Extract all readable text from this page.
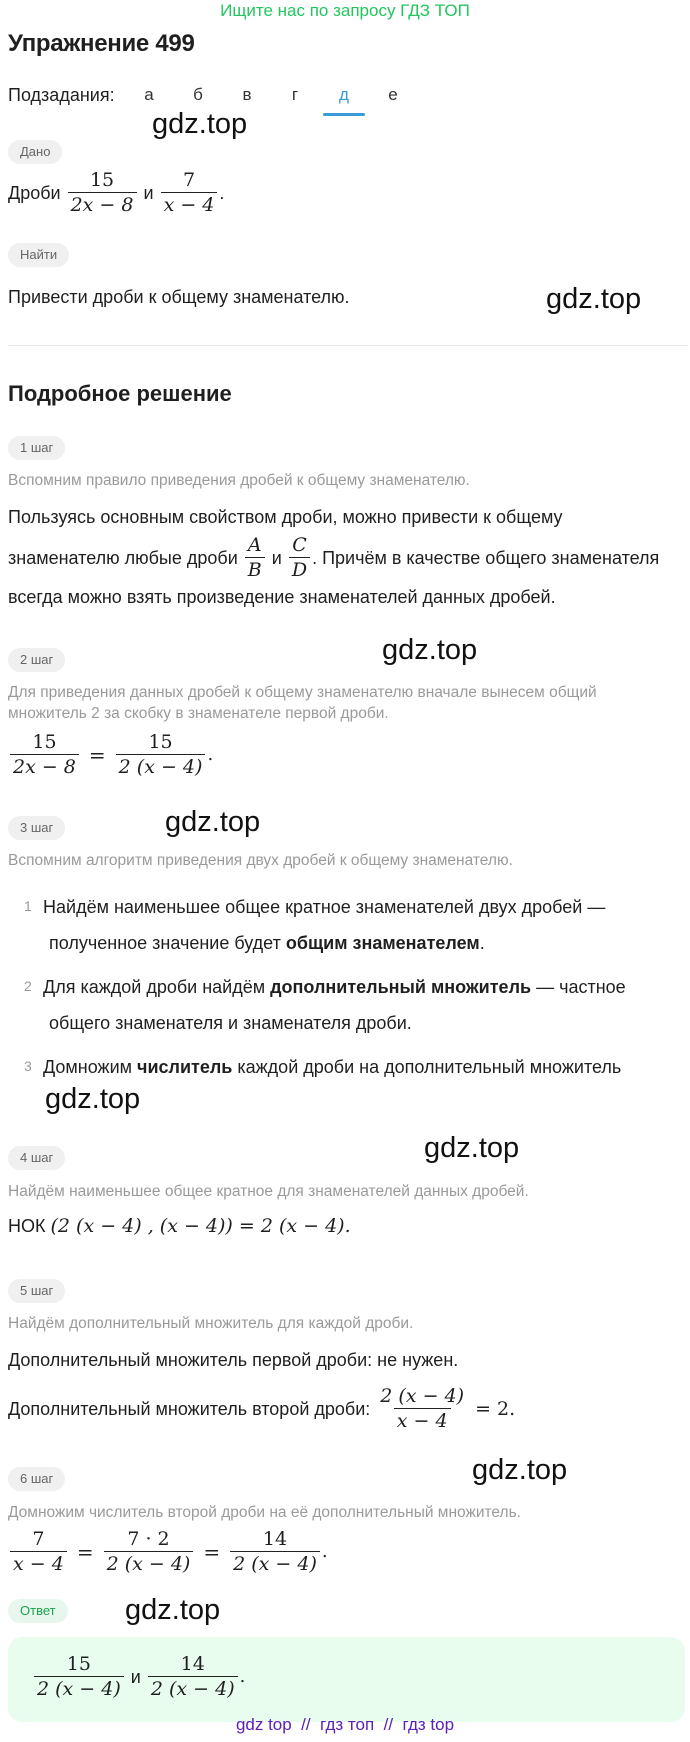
Ищите нас по запросу ГДЗ ТОП
Упражнение 499
Подзадания:	а	б	в	г	д	е
gdz.top
Дано
Дроби
$\frac{15}{2x - 8}$
и
$\frac{7}{x - 4}$ .
Найти
Привести дроби к общему знаменателю.	gdz.top
Подробное решение
1 шаг
Вспомним правило приведения дробей к общему знаменателю.
Пользуясь основным свойством дроби, можно привести к общему
знаменателю любые дроби
$\frac{A}{B}$
и
$\frac{C}{D}$ . Причём в качестве общего знаменателя
всегда можно взять произведение знаменателей данных дробей.
gdz.top
2 шаг
Для приведения данных дробей к общему знаменателю вначале вынесем общий
множитель 2 за скобку в знаменателе первой дроби.
$\frac{15}{2x - 8} = \frac{15}{2 (x - 4)}$ .
gdz.top
3 шаг
Вспомним алгоритм приведения двух дробей к общему знаменателю.
1 Найдём наименьшее общее кратное знаменателей двух дробей —
полученное значение будет общим знаменателем.
2 Для каждой дроби найдём дополнительный множитель — частное
общего знаменателя и знаменателя дроби.
3 Домножим числитель каждой дроби на дополнительный множитель
gdz.top
gdz.top
4 шаг
Найдём наименьшее общее кратное для знаменателей данных дробей.
НОК
(2 (x − 4) , (x − 4)) = 2 (x − 4).
5 шаг
Найдём дополнительный множитель для каждой дроби.
Дополнительный множитель первой дроби: не нужен.
Дополнительный множитель второй дроби:
$\frac{2 (x - 4)}{x - 4} = 2$.
gdz.top
6 шаг
Домножим числитель второй дроби на её дополнительный множитель.
$\frac{7}{x - 4} = \frac{7 \cdot 2}{2 (x - 4)} = \frac{14}{2 (x - 4)}$ .
Ответ	gdz.top
$\frac{15}{2 (x - 4)}$
и
$\frac{14}{2 (x - 4)}$ .
gdz top  //  гдз топ  //  гдз top
